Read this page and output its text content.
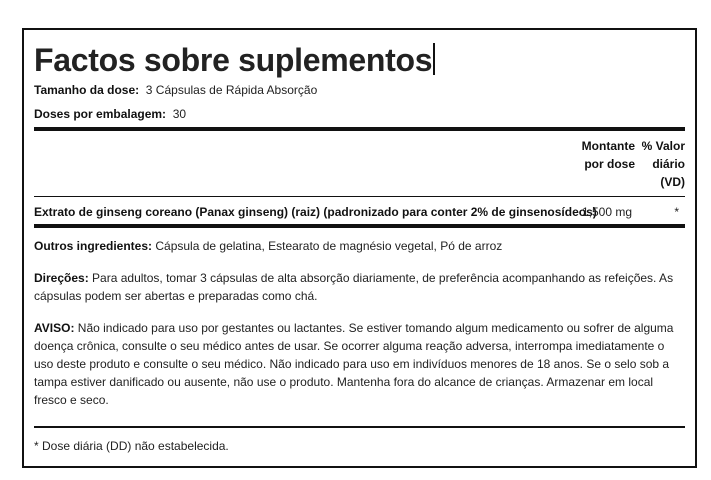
Factos sobre suplementos
Tamanho da dose: 3 Cápsulas de Rápida Absorção
Doses por embalagem: 30
Montante
por dose
% Valor
diário
(VD)
Extrato de ginseng coreano (Panax ginseng) (raiz) (padronizado para conter 2% de ginsenosídeos)
1,500 mg	*
Outros ingredientes: Cápsula de gelatina, Estearato de magnésio vegetal, Pó de arroz
Direções: Para adultos, tomar 3 cápsulas de alta absorção diariamente, de preferência acompanhando as refeições. As cápsulas podem ser abertas e preparadas como chá.
AVISO: Não indicado para uso por gestantes ou lactantes. Se estiver tomando algum medicamento ou sofrer de alguma doença crônica, consulte o seu médico antes de usar. Se ocorrer alguma reação adversa, interrompa imediatamente o uso deste produto e consulte o seu médico. Não indicado para uso em indivíduos menores de 18 anos. Se o selo sob a tampa estiver danificado ou ausente, não use o produto. Mantenha fora do alcance de crianças. Armazenar em local fresco e seco.
* Dose diária (DD) não estabelecida.
